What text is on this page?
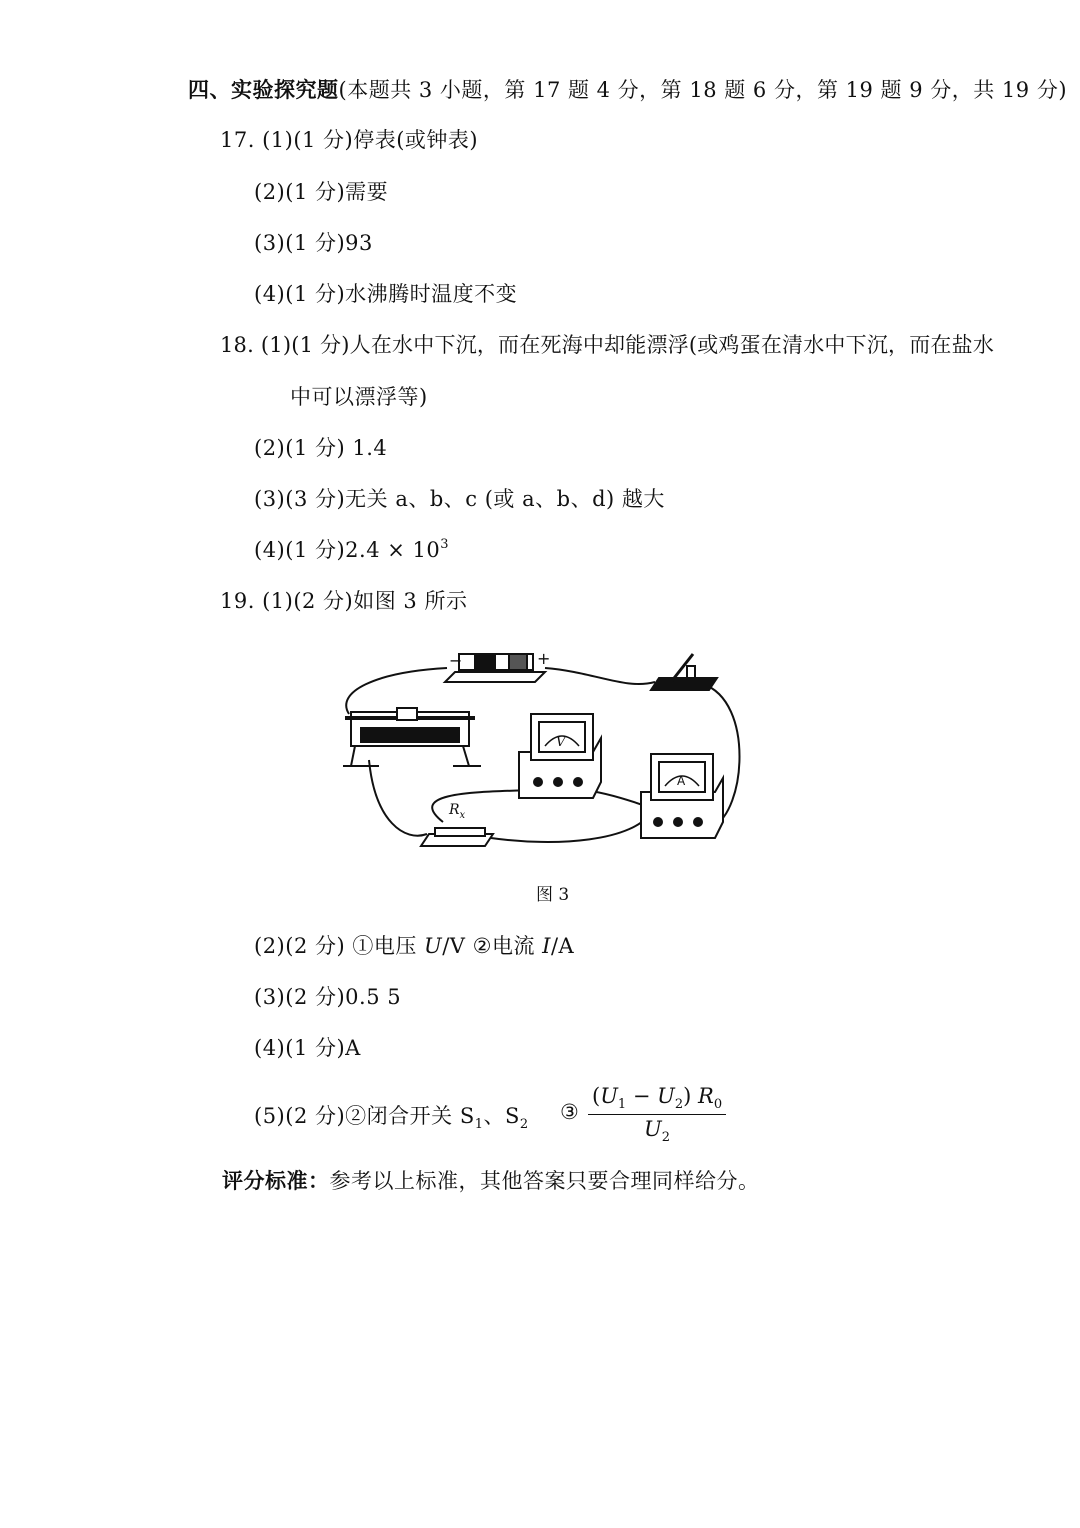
四、实验探究题(本题共 3 小题，第 17 题 4 分，第 18 题 6 分，第 19 题 9 分，共 19 分)
17. (1)(1 分)停表(或钟表)
(2)(1 分)需要
(3)(1 分)93
(4)(1 分)水沸腾时温度不变
18. (1)(1 分)人在水中下沉，而在死海中却能漂浮(或鸡蛋在清水中下沉，而在盐水
中可以漂浮等)
(2)(1 分) 1.4
(3)(3 分)无关 a、b、c (或 a、b、d) 越大
(4)(1 分)$2.4 \times 10^3$
19. (1)(2 分)如图 3 所示
−	+
V
A
$R_x$
图 3
(2)(2 分) ①电压 U/V ②电流 I/A
(3)(2 分)0.5 5
(4)(1 分)A
(5)(2 分)②闭合开关 $S_1$、$S_2$
③ $\frac{(U_1 - U_2) R_0}{U_2}$
评分标准：参考以上标准，其他答案只要合理同样给分。
